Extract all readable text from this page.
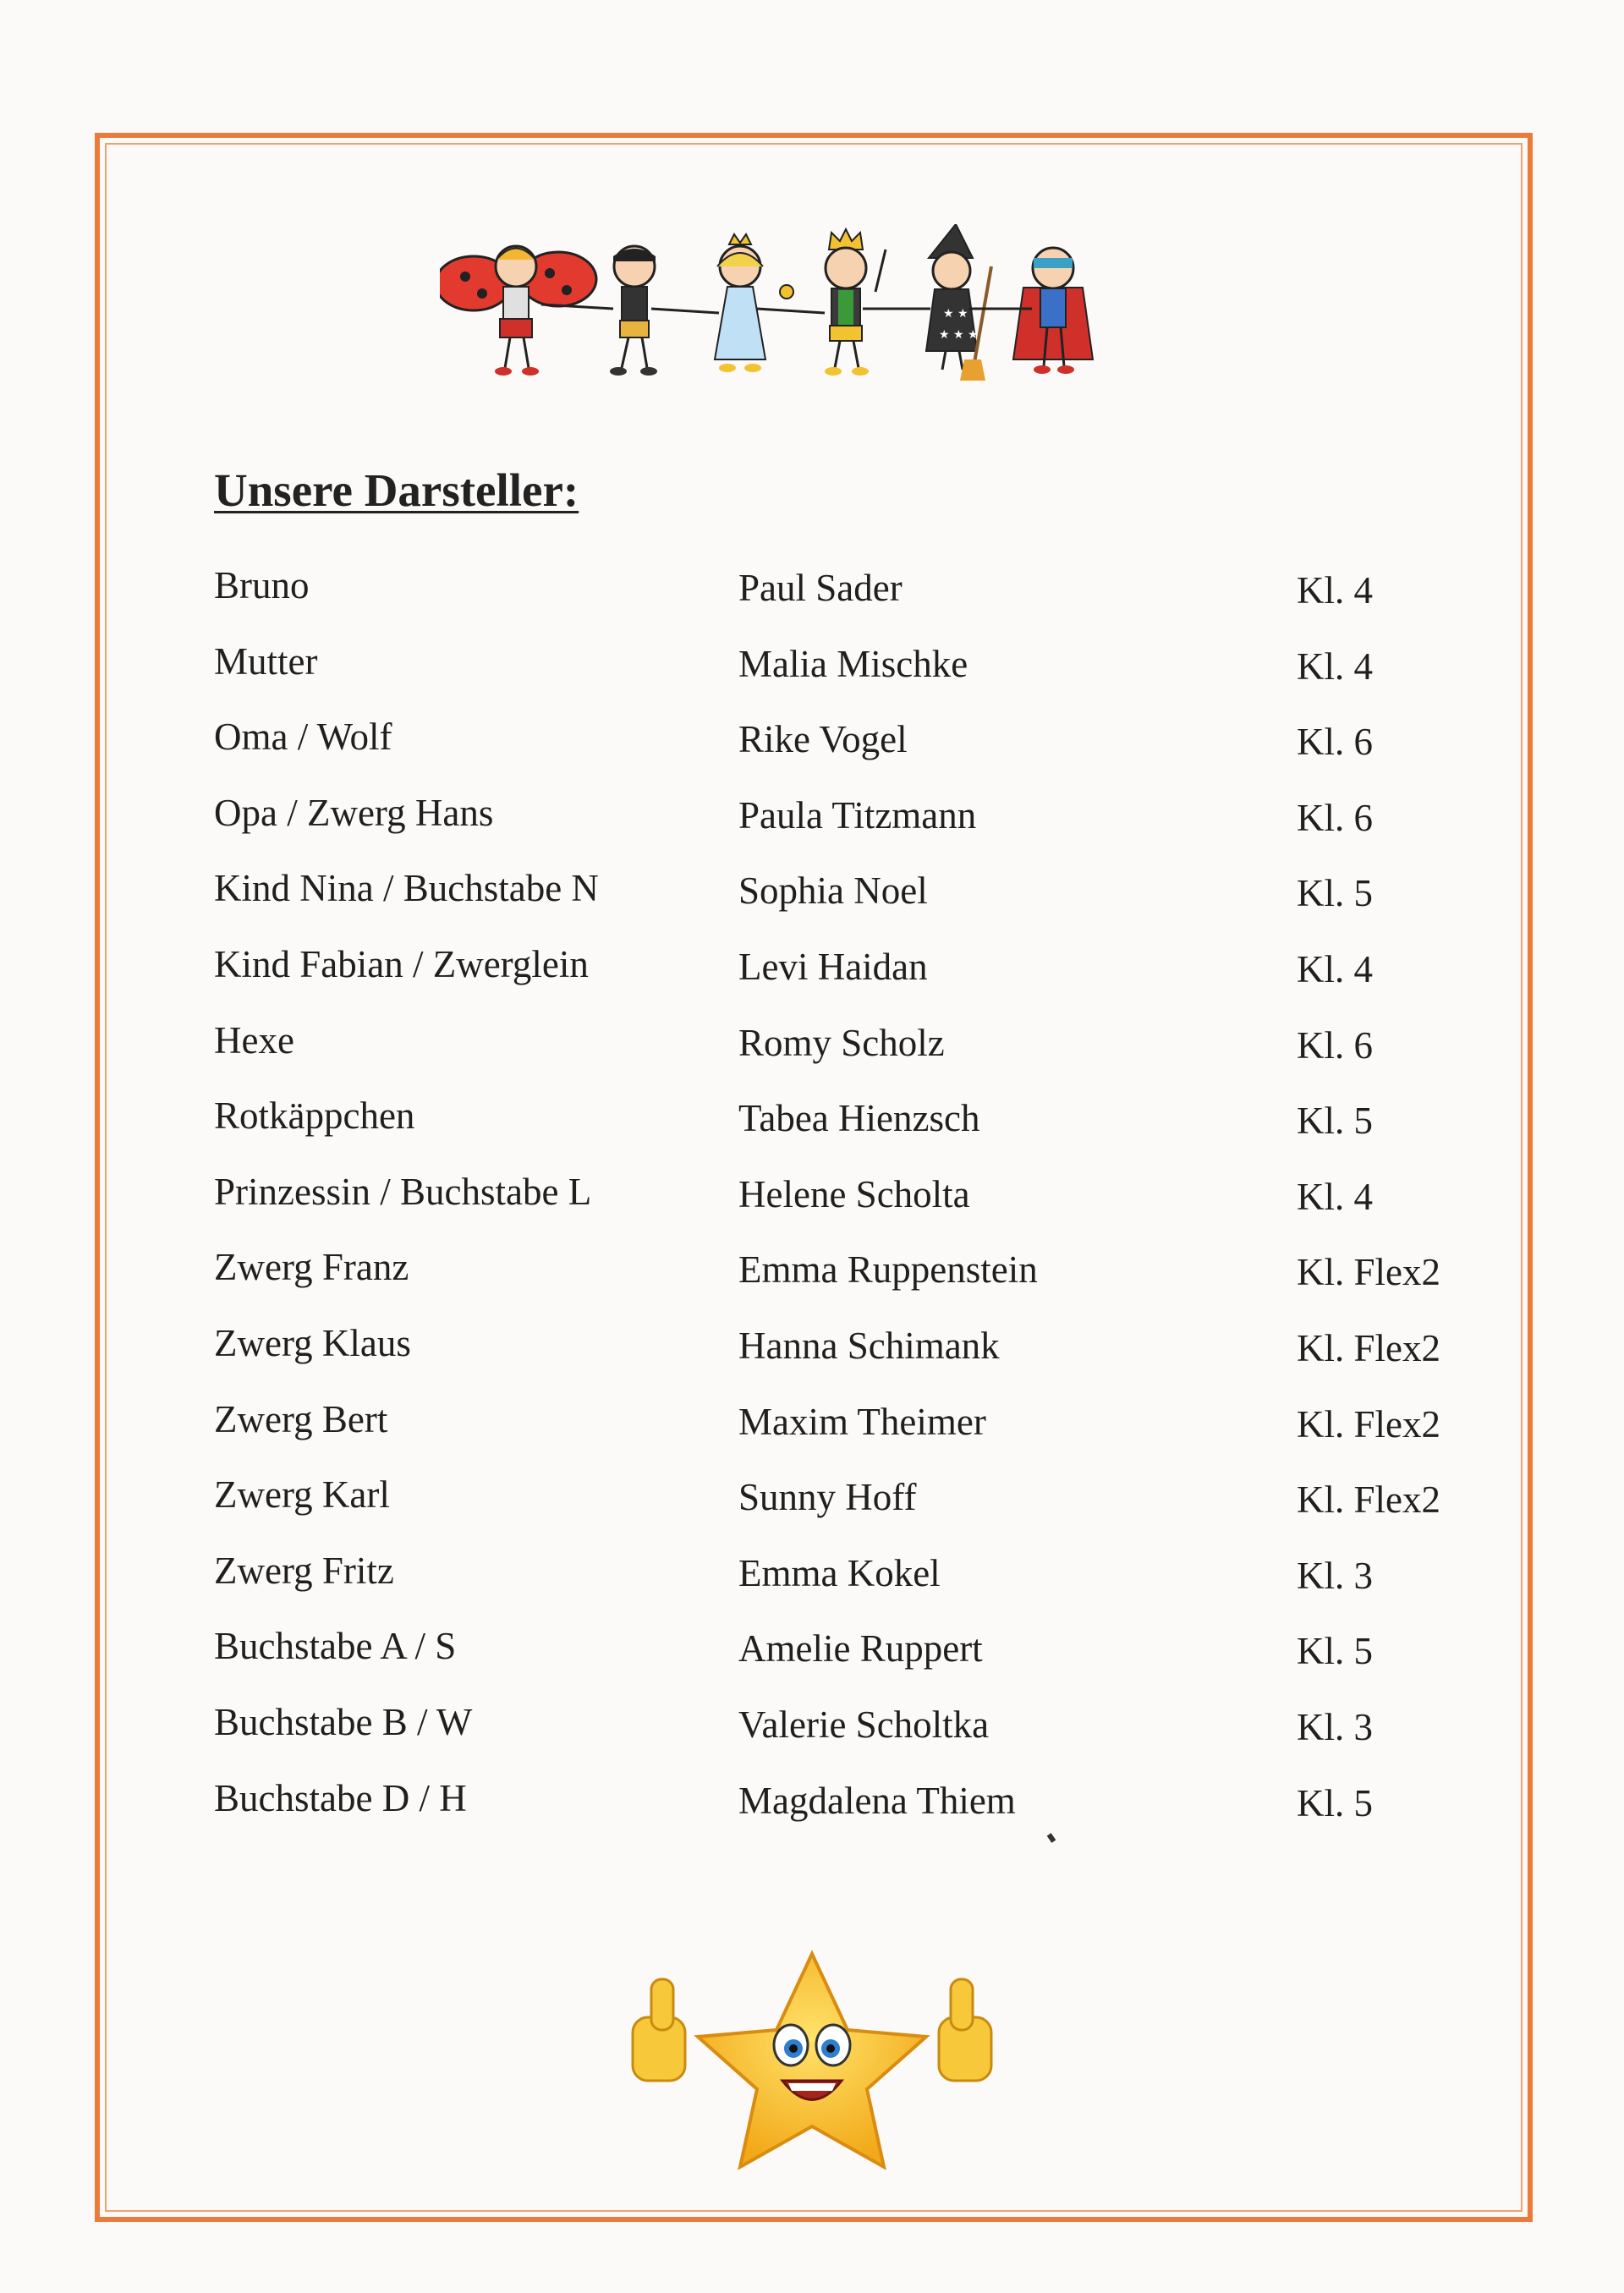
★ ★
★ ★ ★
Unsere Darsteller:
Bruno	Paul Sader	Kl. 4
Mutter	Malia Mischke	Kl. 4
Oma / Wolf	Rike Vogel	Kl. 6
Opa / Zwerg Hans	Paula Titzmann	Kl. 6
Kind Nina / Buchstabe N	Sophia Noel	Kl. 5
Kind Fabian / Zwerglein	Levi Haidan	Kl. 4
Hexe	Romy Scholz	Kl. 6
Rotkäppchen	Tabea Hienzsch	Kl. 5
Prinzessin / Buchstabe L	Helene Scholta	Kl. 4
Zwerg Franz	Emma Ruppenstein	Kl. Flex2
Zwerg Klaus	Hanna Schimank	Kl. Flex2
Zwerg Bert	Maxim Theimer	Kl. Flex2
Zwerg Karl	Sunny Hoff	Kl. Flex2
Zwerg Fritz	Emma Kokel	Kl. 3
Buchstabe A / S	Amelie Ruppert	Kl. 5
Buchstabe B / W	Valerie Scholtka	Kl. 3
Buchstabe D / H	Magdalena Thiem	Kl. 5
